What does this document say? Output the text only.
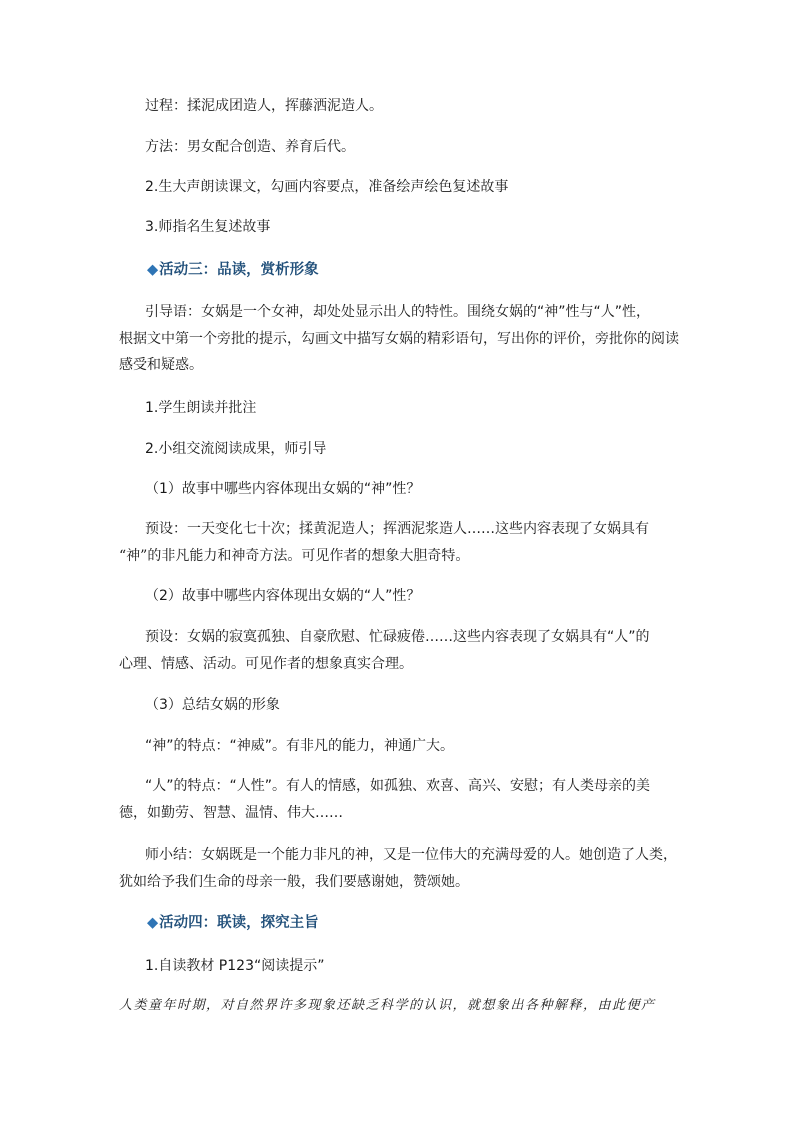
过程：揉泥成团造人，挥藤洒泥造人。
方法：男女配合创造、养育后代。
2.生大声朗读课文，勾画内容要点，准备绘声绘色复述故事
3.师指名生复述故事
◆活动三：品读，赏析形象
引导语：女娲是一个女神，却处处显示出人的特性。围绕女娲的“神”性与“人”性，
根据文中第一个旁批的提示，勾画文中描写女娲的精彩语句，写出你的评价，旁批你的阅读
感受和疑惑。
1.学生朗读并批注
2.小组交流阅读成果，师引导
（1）故事中哪些内容体现出女娲的“神”性？
预设：一天变化七十次；揉黄泥造人；挥洒泥浆造人……这些内容表现了女娲具有
“神”的非凡能力和神奇方法。可见作者的想象大胆奇特。
（2）故事中哪些内容体现出女娲的“人”性？
预设：女娲的寂寞孤独、自豪欣慰、忙碌疲倦……这些内容表现了女娲具有“人”的
心理、情感、活动。可见作者的想象真实合理。
（3）总结女娲的形象
“神”的特点：“神威”。有非凡的能力，神通广大。
“人”的特点：“人性”。有人的情感，如孤独、欢喜、高兴、安慰；有人类母亲的美
德，如勤劳、智慧、温情、伟大……
师小结：女娲既是一个能力非凡的神，又是一位伟大的充满母爱的人。她创造了人类，
犹如给予我们生命的母亲一般，我们要感谢她，赞颂她。
◆活动四：联读，探究主旨
1.自读教材 P123“阅读提示”
人类童年时期，对自然界许多现象还缺乏科学的认识，就想象出各种解释，由此便产
